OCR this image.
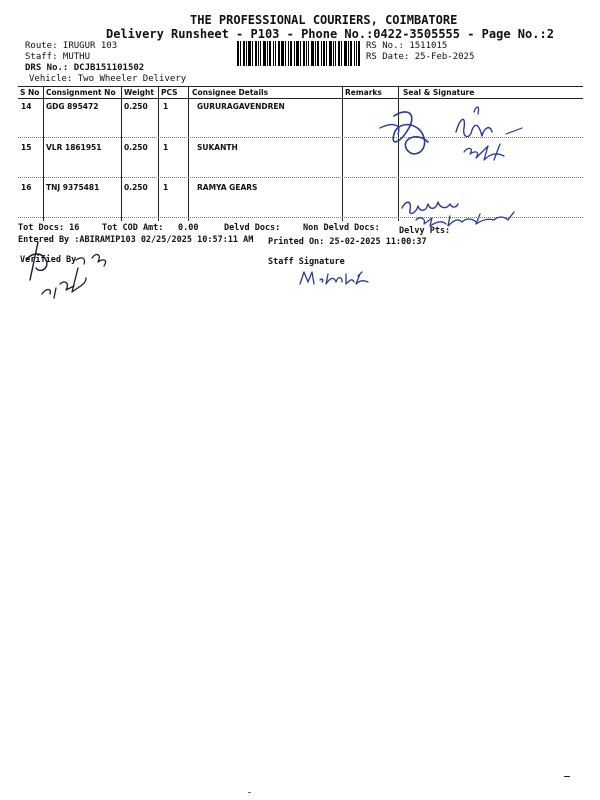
THE PROFESSIONAL COURIERS, COIMBATORE
Delivery Runsheet - P103 - Phone No.:0422-3505555 - Page No.:2
Route: IRUGUR 103
Staff: MUTHU
DRS No.: DCJB151101502
Vehicle: Two Wheeler Delivery
RS No.: 1511015
RS Date: 25-Feb-2025
S No Consignment No Weight PCS Consignee Details	Remarks	Seal & Signature
14 GDG 895472	0.250 1	GURURAGAVENDREN
15 VLR 1861951	0.250 1	SUKANTH
16 TNJ 9375481	0.250 1	RAMYA GEARS
Tot Docs: 16	Tot COD Amt: 0.00	Delvd Docs:	Non Delvd Docs: Delvy Pts:
Entered By :ABIRAMIP103 02/25/2025 10:57:11 AM Printed On: 25-02-2025 11:00:37
Verified By	Staff Signature
